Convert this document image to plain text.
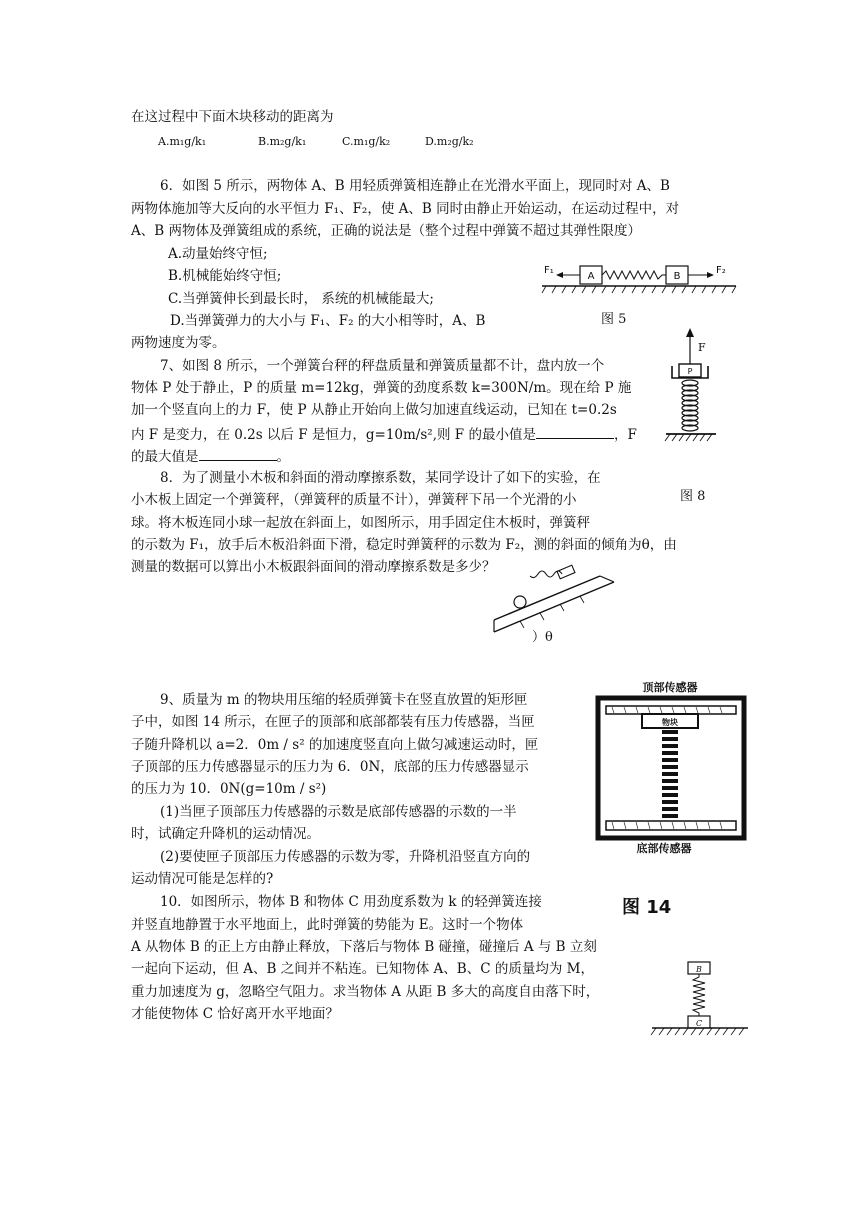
在这过程中下面木块移动的距离为
A.m₁g/k₁	B.m₂g/k₁	C.m₁g/k₂	D.m₂g/k₂
6．如图 5 所示，两物体 A、B 用轻质弹簧相连静止在光滑水平面上，现同时对 A、B
两物体施加等大反向的水平恒力 F₁、F₂，使 A、B 同时由静止开始运动，在运动过程中，对
A、B 两物体及弹簧组成的系统，正确的说法是（整个过程中弹簧不超过其弹性限度）
A.动量始终守恒;
B.机械能始终守恒;
C.当弹簧伸长到最长时， 系统的机械能最大;
D.当弹簧弹力的大小与 F₁、F₂ 的大小相等时，A、B
两物速度为零。
A	B
F₁	F₂
图 5
7、如图 8 所示，一个弹簧台秤的秤盘质量和弹簧质量都不计，盘内放一个
物体 P 处于静止，P 的质量 m=12kg，弹簧的劲度系数 k=300N/m。现在给 P 施
加一个竖直向上的力 F，使 P 从静止开始向上做匀加速直线运动，已知在 t=0.2s
内 F 是变力，在 0.2s 以后 F 是恒力，g=10m/s²,则 F 的最小值是	，F
的最大值是	。
F
P
图 8
8．为了测量小木板和斜面的滑动摩擦系数，某同学设计了如下的实验，在
小木板上固定一个弹簧秤，（弹簧秤的质量不计），弹簧秤下吊一个光滑的小
球。将木板连同小球一起放在斜面上，如图所示，用手固定住木板时，弹簧秤
的示数为 F₁，放手后木板沿斜面下滑，稳定时弹簧秤的示数为 F₂，测的斜面的倾角为θ，由
测量的数据可以算出小木板跟斜面间的滑动摩擦系数是多少？
）θ
9、质量为 m 的物块用压缩的轻质弹簧卡在竖直放置的矩形匣
子中，如图 14 所示，在匣子的顶部和底部都装有压力传感器，当匣
子随升降机以 a=2．0m / s² 的加速度竖直向上做匀减速运动时，匣
子顶部的压力传感器显示的压力为 6．0N，底部的压力传感器显示
的压力为 10．0N(g=10m / s²)
(1)当匣子顶部压力传感器的示数是底部传感器的示数的一半
时，试确定升降机的运动情况。
(2)要使匣子顶部压力传感器的示数为零，升降机沿竖直方向的
运动情况可能是怎样的?
顶部传感器
物块
底部传感器
图 14
10．如图所示，物体 B 和物体 C 用劲度系数为 k 的轻弹簧连接
并竖直地静置于水平地面上，此时弹簧的势能为 E。这时一个物体
A 从物体 B 的正上方由静止释放，下落后与物体 B 碰撞，碰撞后 A 与 B 立刻
一起向下运动，但 A、B 之间并不粘连。已知物体 A、B、C 的质量均为 M，
重力加速度为 g，忽略空气阻力。求当物体 A 从距 B 多大的高度自由落下时，
才能使物体 C 恰好离开水平地面？
B
C
